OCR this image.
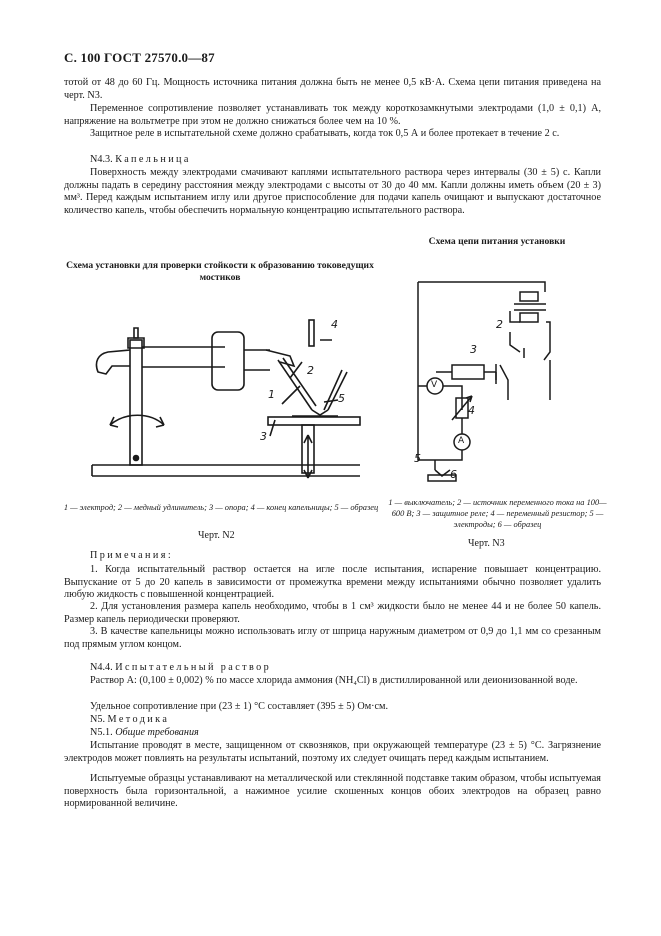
С. 100 ГОСТ 27570.0—87
тотой от 48 до 60 Гц. Мощность источника питания должна быть не менее 0,5 кВ·А. Схема цепи питания приведена на черт. N3.
Переменное сопротивление позволяет устанавливать ток между короткозамкнутыми электродами (1,0 ± 0,1) А, напряжение на вольтметре при этом не должно снижаться более чем на 10 %.
Защитное реле в испытательной схеме должно срабатывать, когда ток 0,5 А и более протекает в течение 2 с.
N4.3. Капельница
Поверхность между электродами смачивают каплями испытательного раствора через интервалы (30 ± 5) с. Капли должны падать в середину расстояния между электродами с высоты от 30 до 40 мм. Капли должны иметь объем (20 ± 3) мм³. Перед каждым испытанием иглу или другое приспособление для подачи капель очищают и выпускают достаточное количество капель, чтобы обеспечить нормальную концентрацию испытательного раствора.
Схема цепи питания установки
Схема установки для проверки стойкости к образованию токоведущих мостиков
4
2
1	5
3
2
3
V
4
A
5
6
1 — электрод; 2 — медный удлинитель; 3 — опора; 4 — конец капельницы; 5 — образец
1 — выключатель; 2 — источник переменного тока на 100—600 В; 3 — защитное реле; 4 — переменный резистор; 5 — электроды; 6 — образец
Черт. N2
Черт. N3
Примечания:
1. Когда испытательный раствор остается на игле после испытания, испарение повышает концентрацию. Выпускание от 5 до 20 капель в зависимости от промежутка времени между испытаниями обычно позволяет удалить любую жидкость с повышенной концентрацией.
2. Для установления размера капель необходимо, чтобы в 1 см³ жидкости было не менее 44 и не более 50 капель. Размер капель периодически проверяют.
3. В качестве капельницы можно использовать иглу от шприца наружным диаметром от 0,9 до 1,1 мм со срезанным под прямым углом концом.
N4.4. Испытательный раствор
Раствор А: (0,100 ± 0,002) % по массе хлорида аммония (NH₄Cl) в дистиллированной или деионизованной воде.
Удельное сопротивление при (23 ± 1) °С составляет (395 ± 5) Ом·см.
N5. Методика
N5.1. Общие требования
Испытание проводят в месте, защищенном от сквозняков, при окружающей температуре (23 ± 5) °С. Загрязнение электродов может повлиять на результаты испытаний, поэтому их следует очищать перед каждым испытанием.
Испытуемые образцы устанавливают на металлической или стеклянной подставке таким образом, чтобы испытуемая поверхность была горизонтальной, а нажимное усилие скошенных концов обоих электродов на образец равно нормированной величине.
